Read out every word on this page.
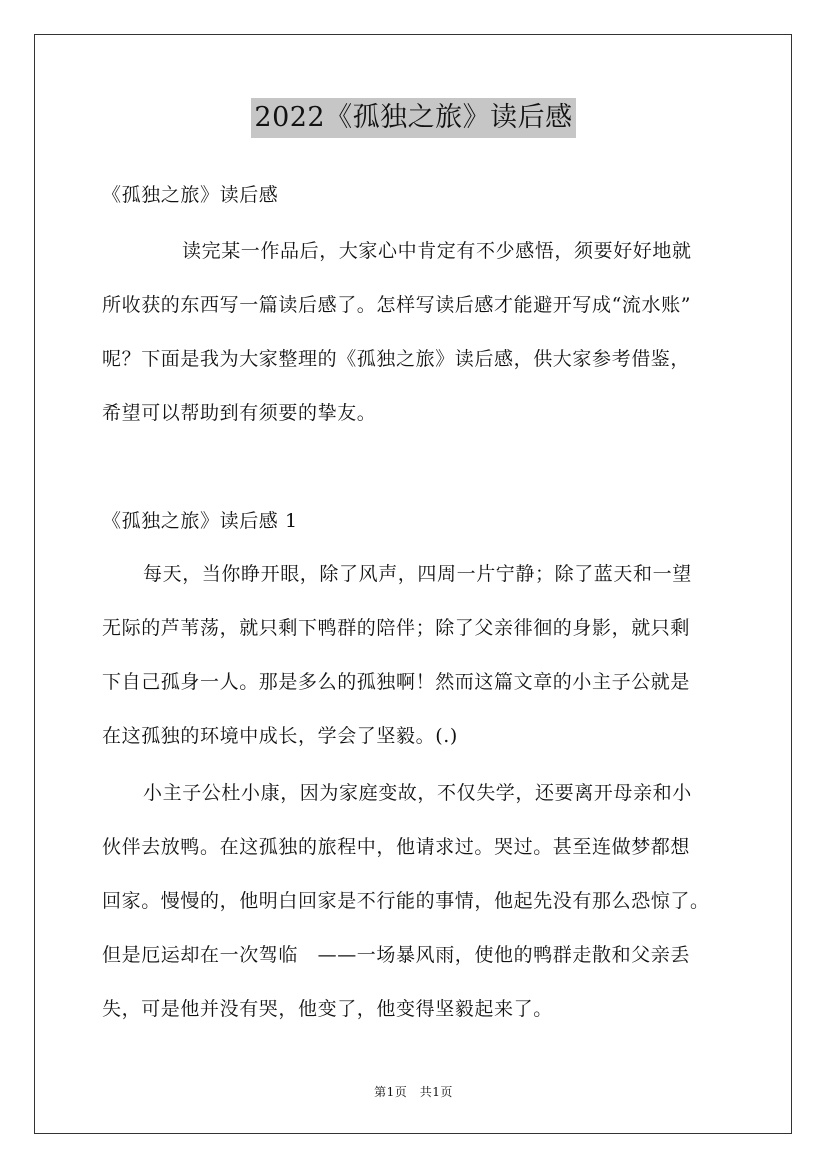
2022《孤独之旅》读后感
《孤独之旅》读后感
读完某一作品后，大家心中肯定有不少感悟，须要好好地就
所收获的东西写一篇读后感了。怎样写读后感才能避开写成“流水账”
呢？下面是我为大家整理的《孤独之旅》读后感，供大家参考借鉴，
希望可以帮助到有须要的挚友。
《孤独之旅》读后感 1
每天，当你睁开眼，除了风声，四周一片宁静；除了蓝天和一望
无际的芦苇荡，就只剩下鸭群的陪伴；除了父亲徘徊的身影，就只剩
下自己孤身一人。那是多么的孤独啊！然而这篇文章的小主子公就是
在这孤独的环境中成长，学会了坚毅。(.)
小主子公杜小康，因为家庭变故，不仅失学，还要离开母亲和小
伙伴去放鸭。在这孤独的旅程中，他请求过。哭过。甚至连做梦都想
回家。慢慢的，他明白回家是不行能的事情，他起先没有那么恐惊了。
但是厄运却在一次驾临　——一场暴风雨，使他的鸭群走散和父亲丢
失，可是他并没有哭，他变了，他变得坚毅起来了。
第1页　共1页
